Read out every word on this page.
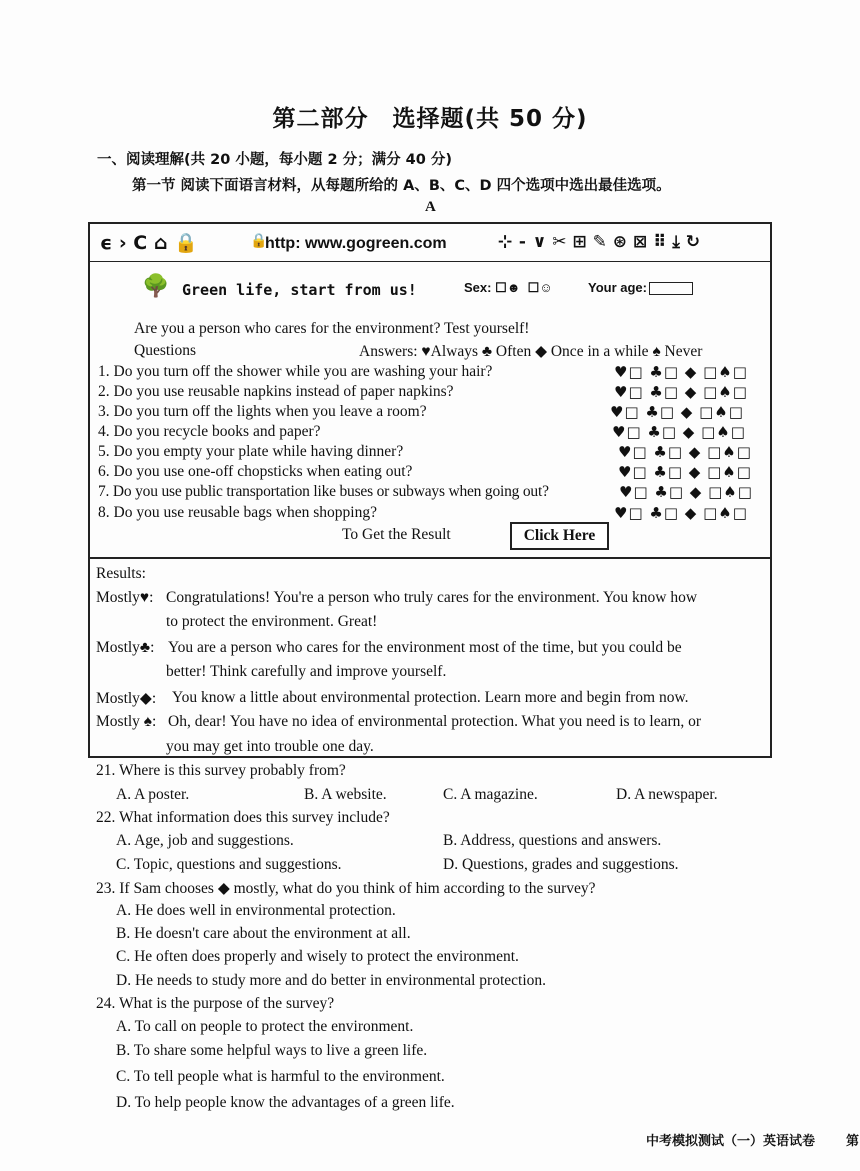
第二部分　选择题(共 50 分)
一、阅读理解(共 20 小题，每小题 2 分；满分 40 分)
第一节 阅读下面语言材料，从每题所给的 A、B、C、D 四个选项中选出最佳选项。
A
ϵ › C ⌂ 🔒	🔒
http: www.gogreen.com	⊹ ⁃ ∨ ✂ ⊞ ✎ ⊛ ⊠ ⠿ ⤓ ↻
🌳 Green life, start from us!	Sex: ☐☻ ☐☺	Your age:
Are you a person who cares for the environment? Test yourself!
Questions	Answers: ♥Always ♣ Often ◆ Once in a while ♠ Never
1. Do you turn off the shower while you are washing your hair?	♥□ ♣□ ◆ □♠□
2. Do you use reusable napkins instead of paper napkins?	♥□ ♣□ ◆ □♠□
3. Do you turn off the lights when you leave a room?	♥□ ♣□ ◆ □♠□
4. Do you recycle books and paper?	♥□ ♣□ ◆ □♠□
5. Do you empty your plate while having dinner?	♥□ ♣□ ◆ □♠□
6. Do you use one-off chopsticks when eating out?	♥□ ♣□ ◆ □♠□
7. Do you use public transportation like buses or subways when going out?	♥□ ♣□ ◆ □♠□
8. Do you use reusable bags when shopping?	♥□ ♣□ ◆ □♠□
To Get the Result	Click Here
Results:
Mostly♥: Congratulations! You're a person who truly cares for the environment. You know how
to protect the environment. Great!
Mostly♣: You are a person who cares for the environment most of the time, but you could be
better! Think carefully and improve yourself.
Mostly◆: You know a little about environmental protection. Learn more and begin from now.
Mostly ♠: Oh, dear! You have no idea of environmental protection. What you need is to learn, or
you may get into trouble one day.
21. Where is this survey probably from?
A. A poster.	B. A website.	C. A magazine.	D. A newspaper.
22. What information does this survey include?
A. Age, job and suggestions.	B. Address, questions and answers.
C. Topic, questions and suggestions.	D. Questions, grades and suggestions.
23. If Sam chooses ◆ mostly, what do you think of him according to the survey?
A. He does well in environmental protection.
B. He doesn't care about the environment at all.
C. He often does properly and wisely to protect the environment.
D. He needs to study more and do better in environmental protection.
24. What is the purpose of the survey?
A. To call on people to protect the environment.
B. To share some helpful ways to live a green life.
C. To tell people what is harmful to the environment.
D. To help people know the advantages of a green life.
中考模拟测试（一）英语试卷 第
